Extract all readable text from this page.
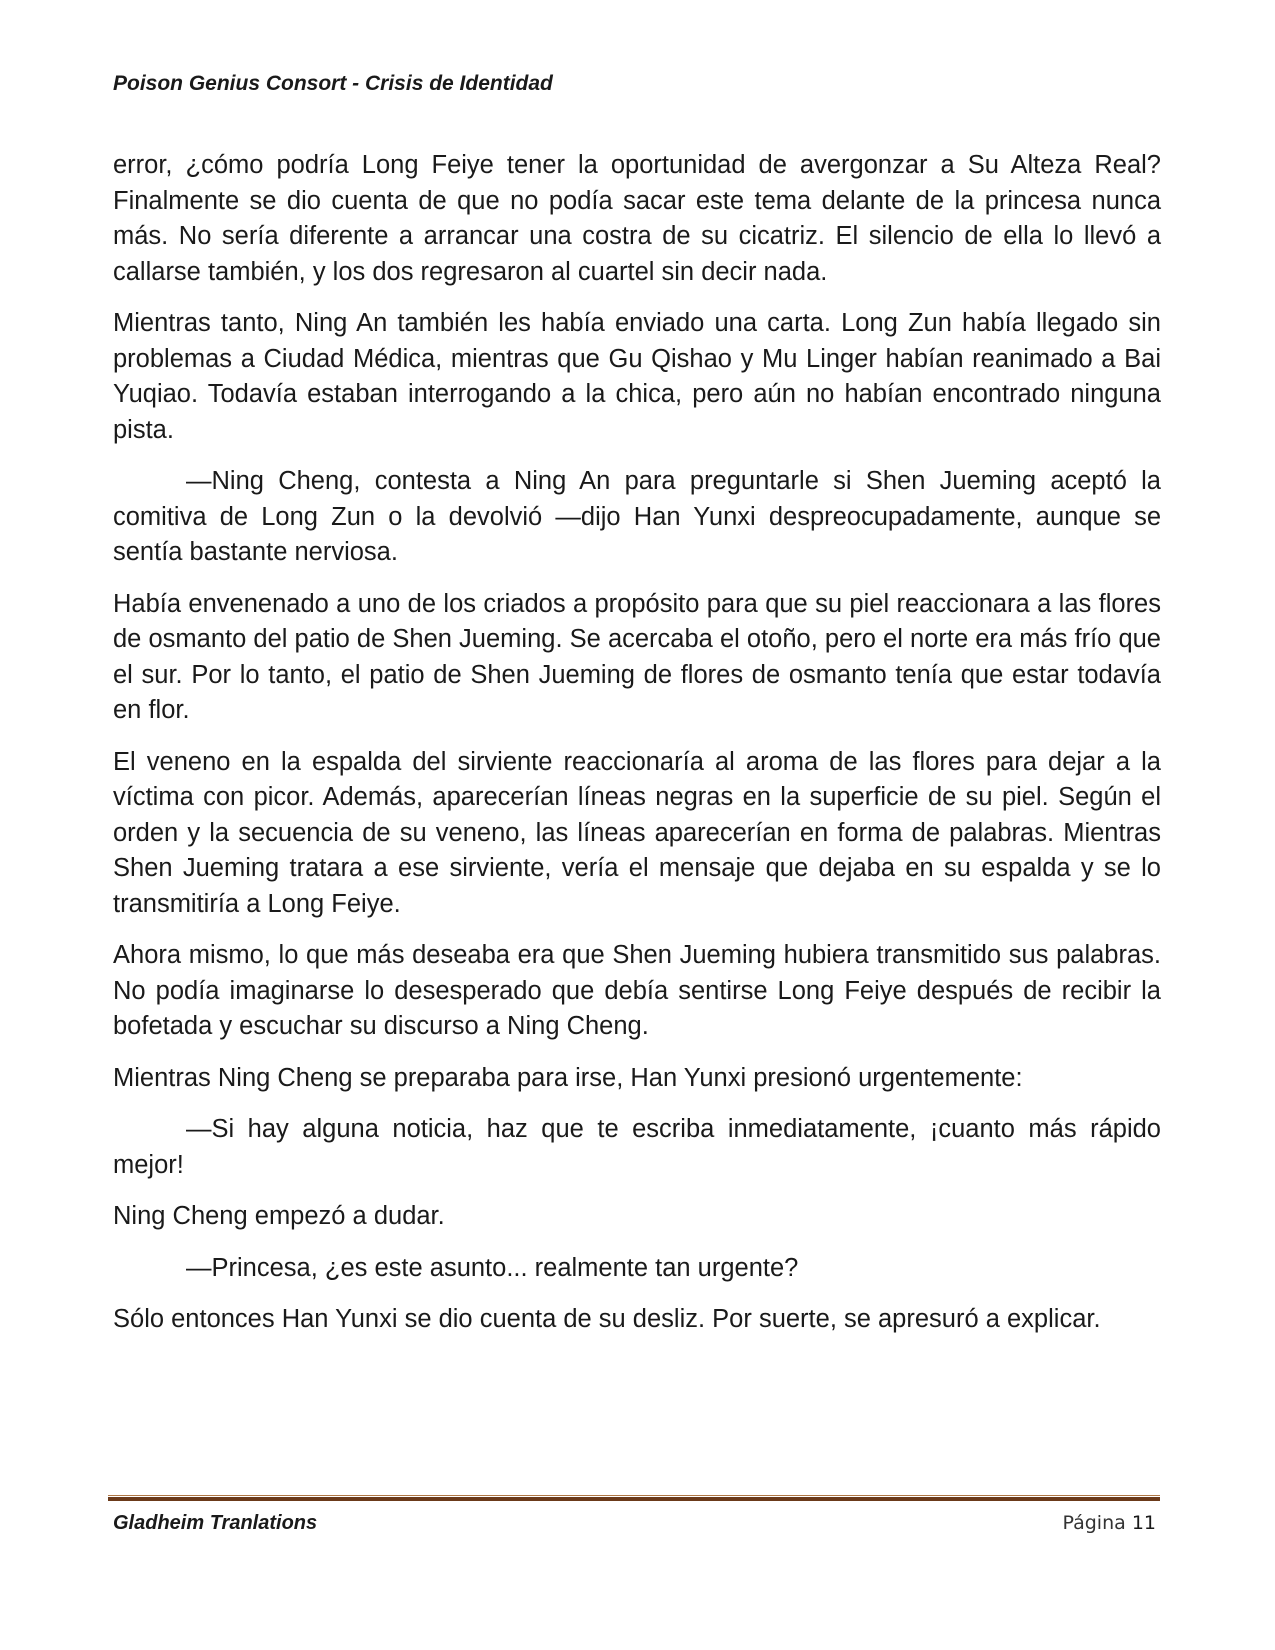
Poison Genius Consort - Crisis de Identidad

error, ¿cómo podría Long Feiye tener la oportunidad de avergonzar a Su Alteza Real? Finalmente se dio cuenta de que no podía sacar este tema delante de la princesa nunca más. No sería diferente a arrancar una costra de su cicatriz. El silencio de ella lo llevó a callarse también, y los dos regresaron al cuartel sin decir nada.

Mientras tanto, Ning An también les había enviado una carta. Long Zun había llegado sin problemas a Ciudad Médica, mientras que Gu Qishao y Mu Linger habían reanimado a Bai Yuqiao. Todavía estaban interrogando a la chica, pero aún no habían encontrado ninguna pista.

—Ning Cheng, contesta a Ning An para preguntarle si Shen Jueming aceptó la comitiva de Long Zun o la devolvió —dijo Han Yunxi despreocupadamente, aunque se sentía bastante nerviosa.

Había envenenado a uno de los criados a propósito para que su piel reaccionara a las flores de osmanto del patio de Shen Jueming. Se acercaba el otoño, pero el norte era más frío que el sur. Por lo tanto, el patio de Shen Jueming de flores de osmanto tenía que estar todavía en flor.

El veneno en la espalda del sirviente reaccionaría al aroma de las flores para dejar a la víctima con picor. Además, aparecerían líneas negras en la superficie de su piel. Según el orden y la secuencia de su veneno, las líneas aparecerían en forma de palabras. Mientras Shen Jueming tratara a ese sirviente, vería el mensaje que dejaba en su espalda y se lo transmitiría a Long Feiye.

Ahora mismo, lo que más deseaba era que Shen Jueming hubiera transmitido sus palabras. No podía imaginarse lo desesperado que debía sentirse Long Feiye después de recibir la bofetada y escuchar su discurso a Ning Cheng.

Mientras Ning Cheng se preparaba para irse, Han Yunxi presionó urgentemente:

—Si hay alguna noticia, haz que te escriba inmediatamente, ¡cuanto más rápido mejor!

Ning Cheng empezó a dudar.

—Princesa, ¿es este asunto... realmente tan urgente?

Sólo entonces Han Yunxi se dio cuenta de su desliz. Por suerte, se apresuró a explicar.

Gladheim Tranlations	Página 11
